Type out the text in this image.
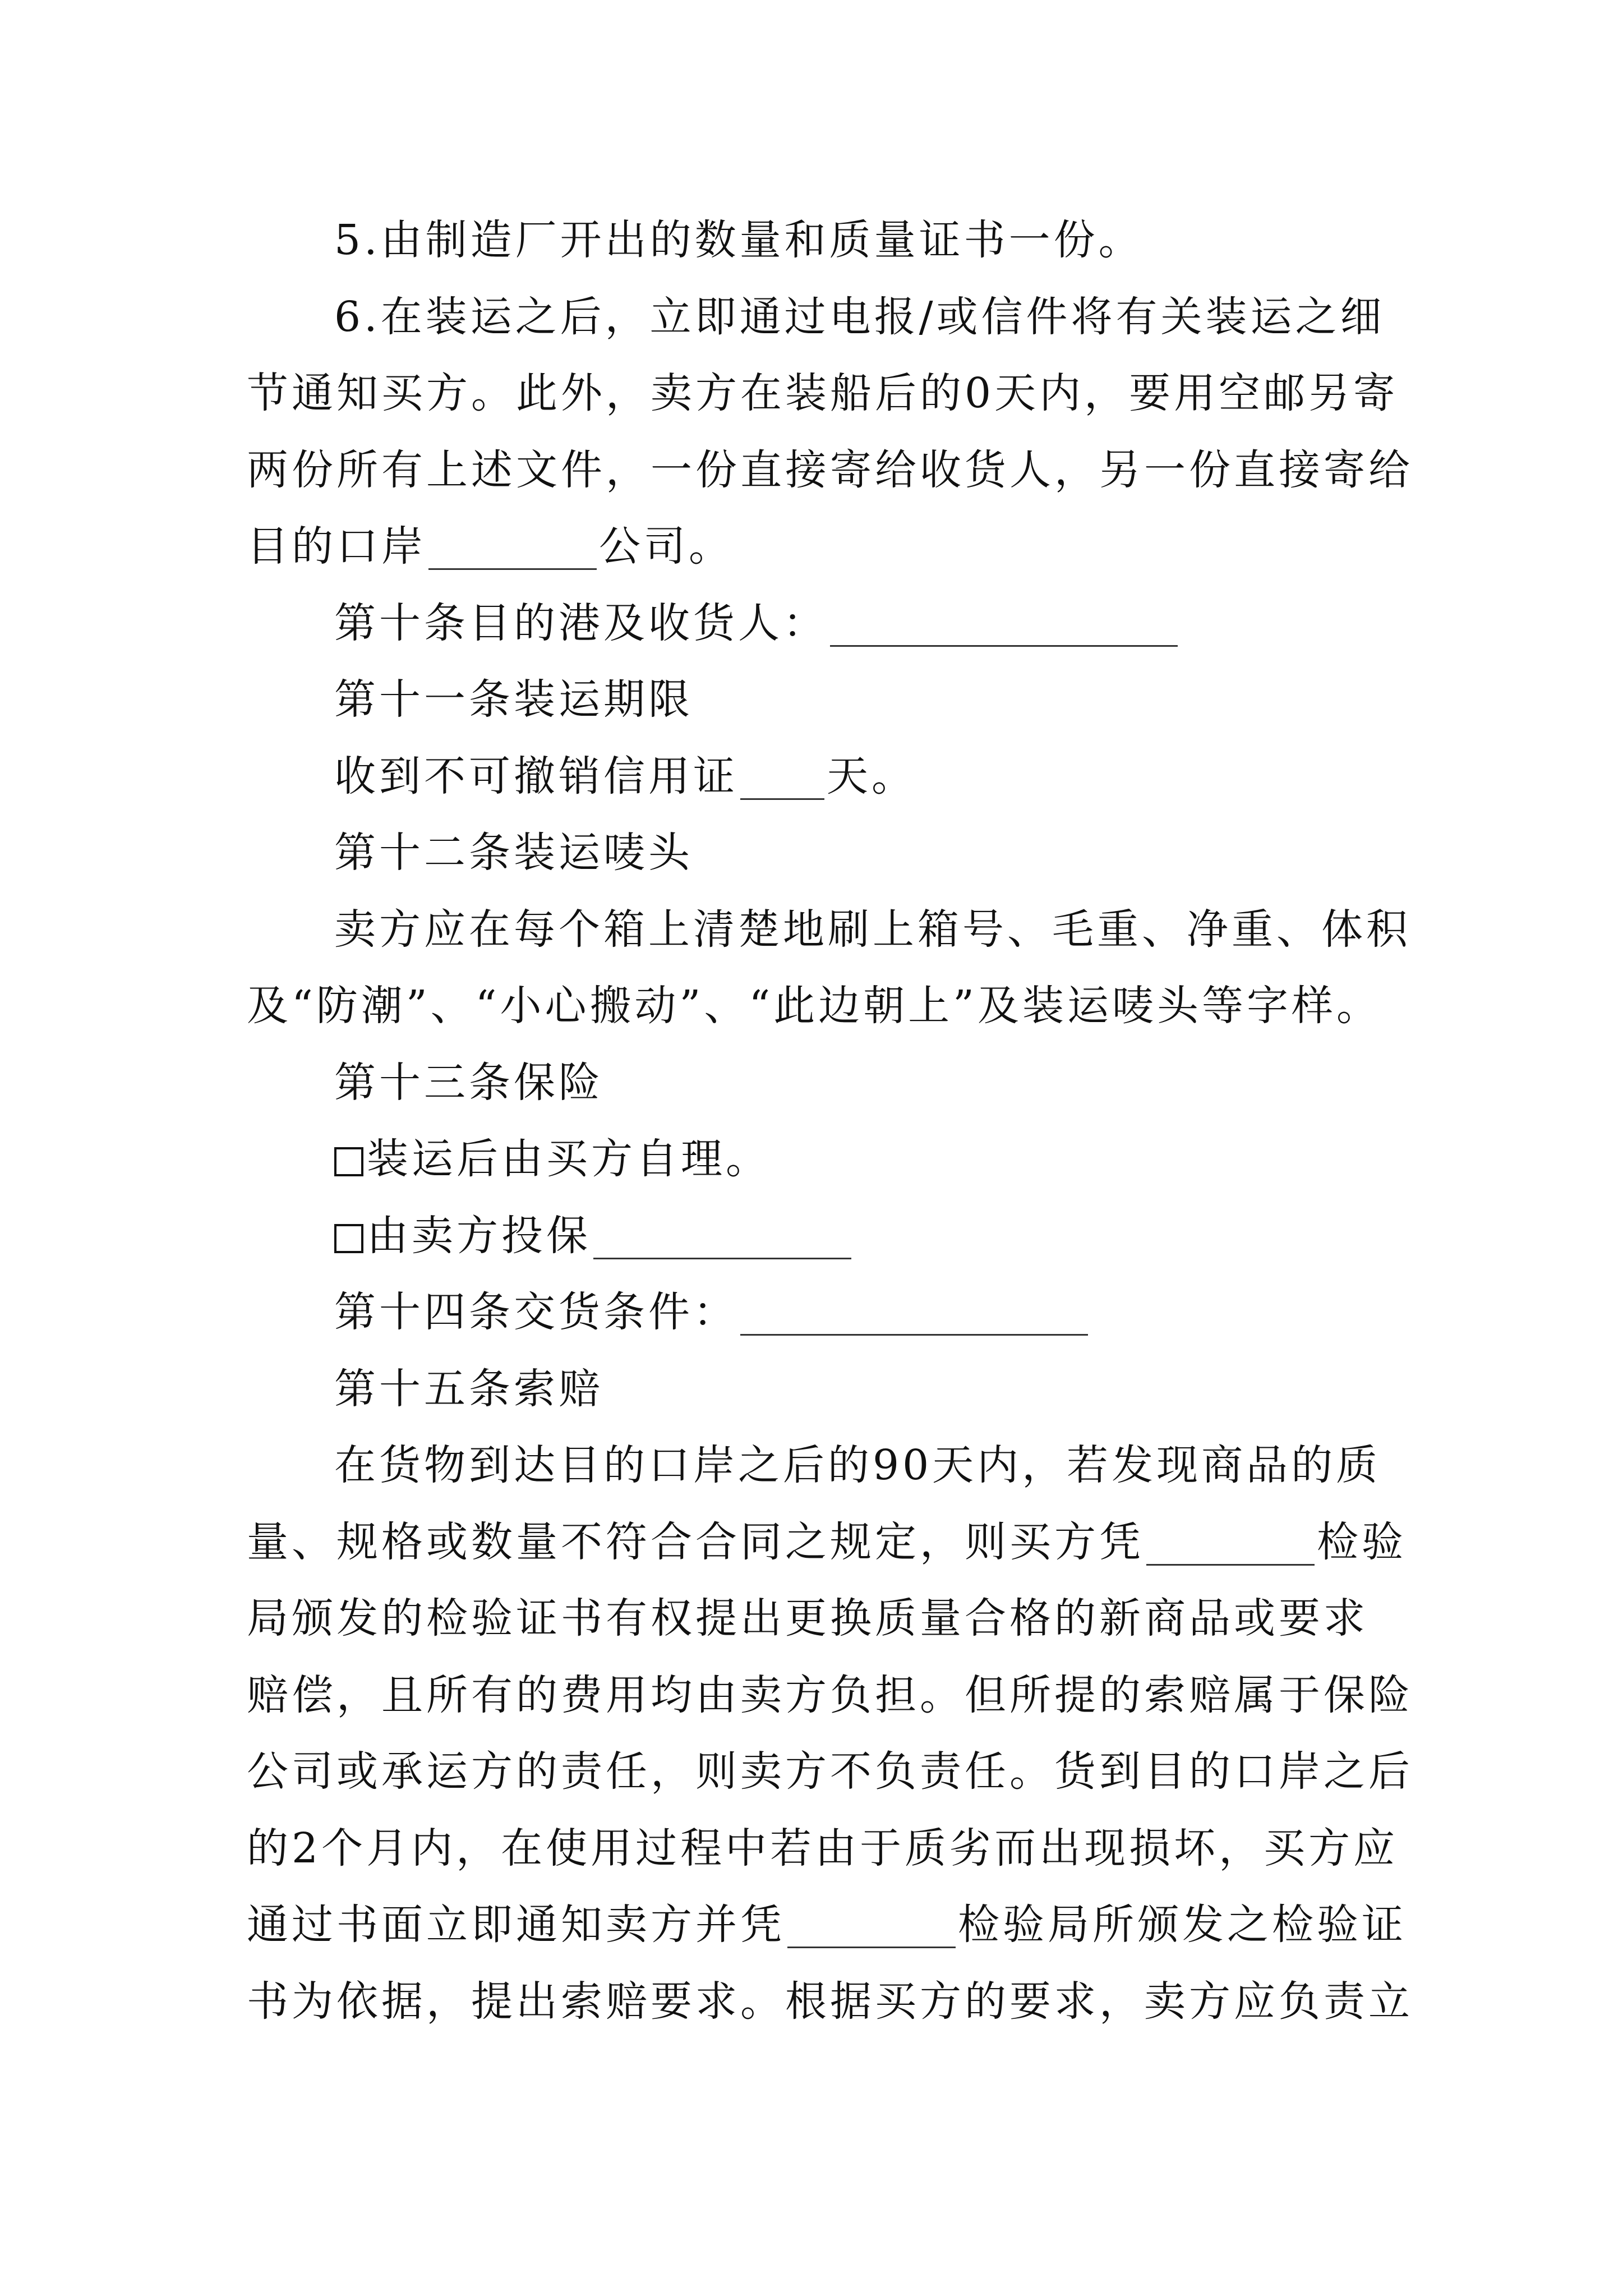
5.由制造厂开出的数量和质量证书一份。
6.在装运之后，立即通过电报/或信件将有关装运之细
节通知买方。此外，卖方在装船后的0天内，要用空邮另寄
两份所有上述文件，一份直接寄给收货人，另一份直接寄给
目的口岸	公司。
第十条目的港及收货人：
第十一条装运期限
收到不可撤销信用证 天。
第十二条装运唛头
卖方应在每个箱上清楚地刷上箱号、毛重、净重、体积
及“防潮”、“小心搬动”、“此边朝上”及装运唛头等字样。
第十三条保险
装运后由买方自理。
由卖方投保
第十四条交货条件：
第十五条索赔
在货物到达目的口岸之后的90天内，若发现商品的质
量、规格或数量不符合合同之规定，则买方凭	检验
局颁发的检验证书有权提出更换质量合格的新商品或要求
赔偿，且所有的费用均由卖方负担。但所提的索赔属于保险
公司或承运方的责任，则卖方不负责任。货到目的口岸之后
的2个月内，在使用过程中若由于质劣而出现损坏，买方应
通过书面立即通知卖方并凭	检验局所颁发之检验证
书为依据，提出索赔要求。根据买方的要求，卖方应负责立
